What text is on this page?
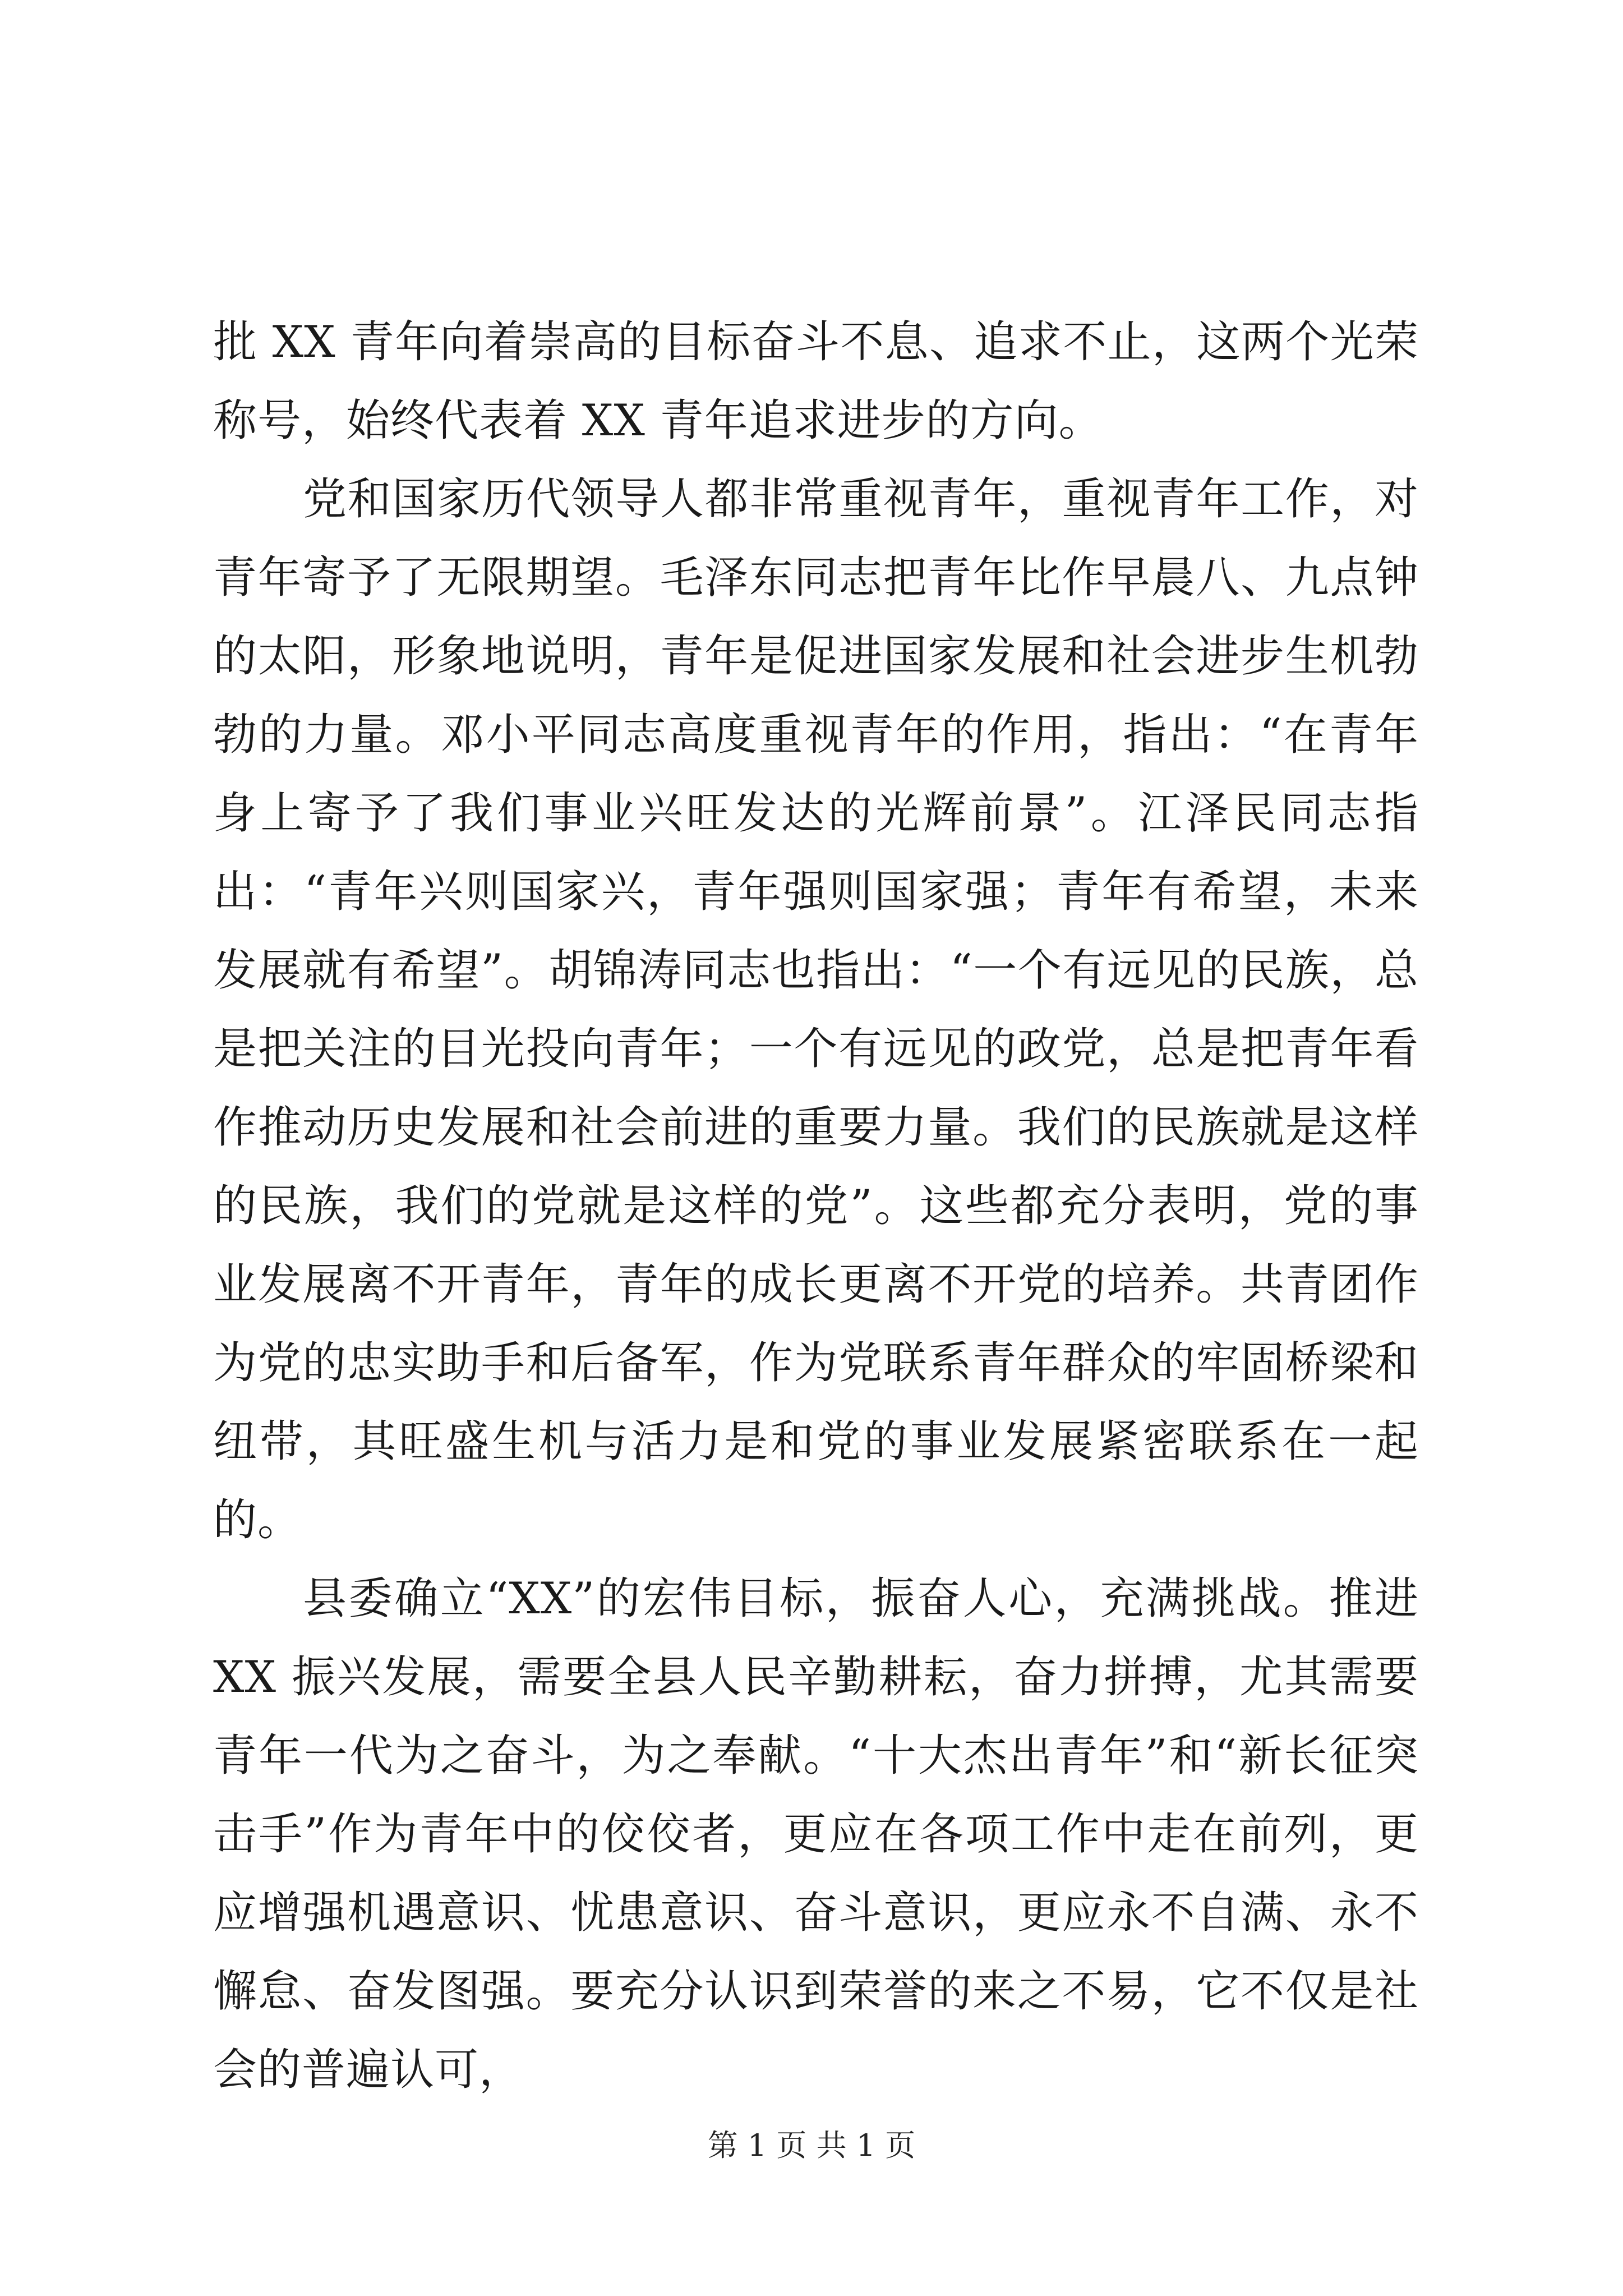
批 XX 青年向着崇高的目标奋斗不息、追求不止，这两个光荣称号，始终代表着 XX 青年追求进步的方向。

党和国家历代领导人都非常重视青年，重视青年工作，对青年寄予了无限期望。毛泽东同志把青年比作早晨八、九点钟的太阳，形象地说明，青年是促进国家发展和社会进步生机勃勃的力量。邓小平同志高度重视青年的作用，指出：“在青年身上寄予了我们事业兴旺发达的光辉前景”。江泽民同志指出：“青年兴则国家兴，青年强则国家强；青年有希望，未来发展就有希望”。胡锦涛同志也指出：“一个有远见的民族，总是把关注的目光投向青年；一个有远见的政党，总是把青年看作推动历史发展和社会前进的重要力量。我们的民族就是这样的民族，我们的党就是这样的党”。这些都充分表明，党的事业发展离不开青年，青年的成长更离不开党的培养。共青团作为党的忠实助手和后备军，作为党联系青年群众的牢固桥梁和纽带，其旺盛生机与活力是和党的事业发展紧密联系在一起的。

县委确立“XX”的宏伟目标，振奋人心，充满挑战。推进 XX 振兴发展，需要全县人民辛勤耕耘，奋力拼搏，尤其需要青年一代为之奋斗，为之奉献。“十大杰出青年”和“新长征突击手”作为青年中的佼佼者，更应在各项工作中走在前列，更应增强机遇意识、忧患意识、奋斗意识，更应永不自满、永不懈怠、奋发图强。要充分认识到荣誉的来之不易，它不仅是社会的普遍认可，

第 1 页 共 1 页
